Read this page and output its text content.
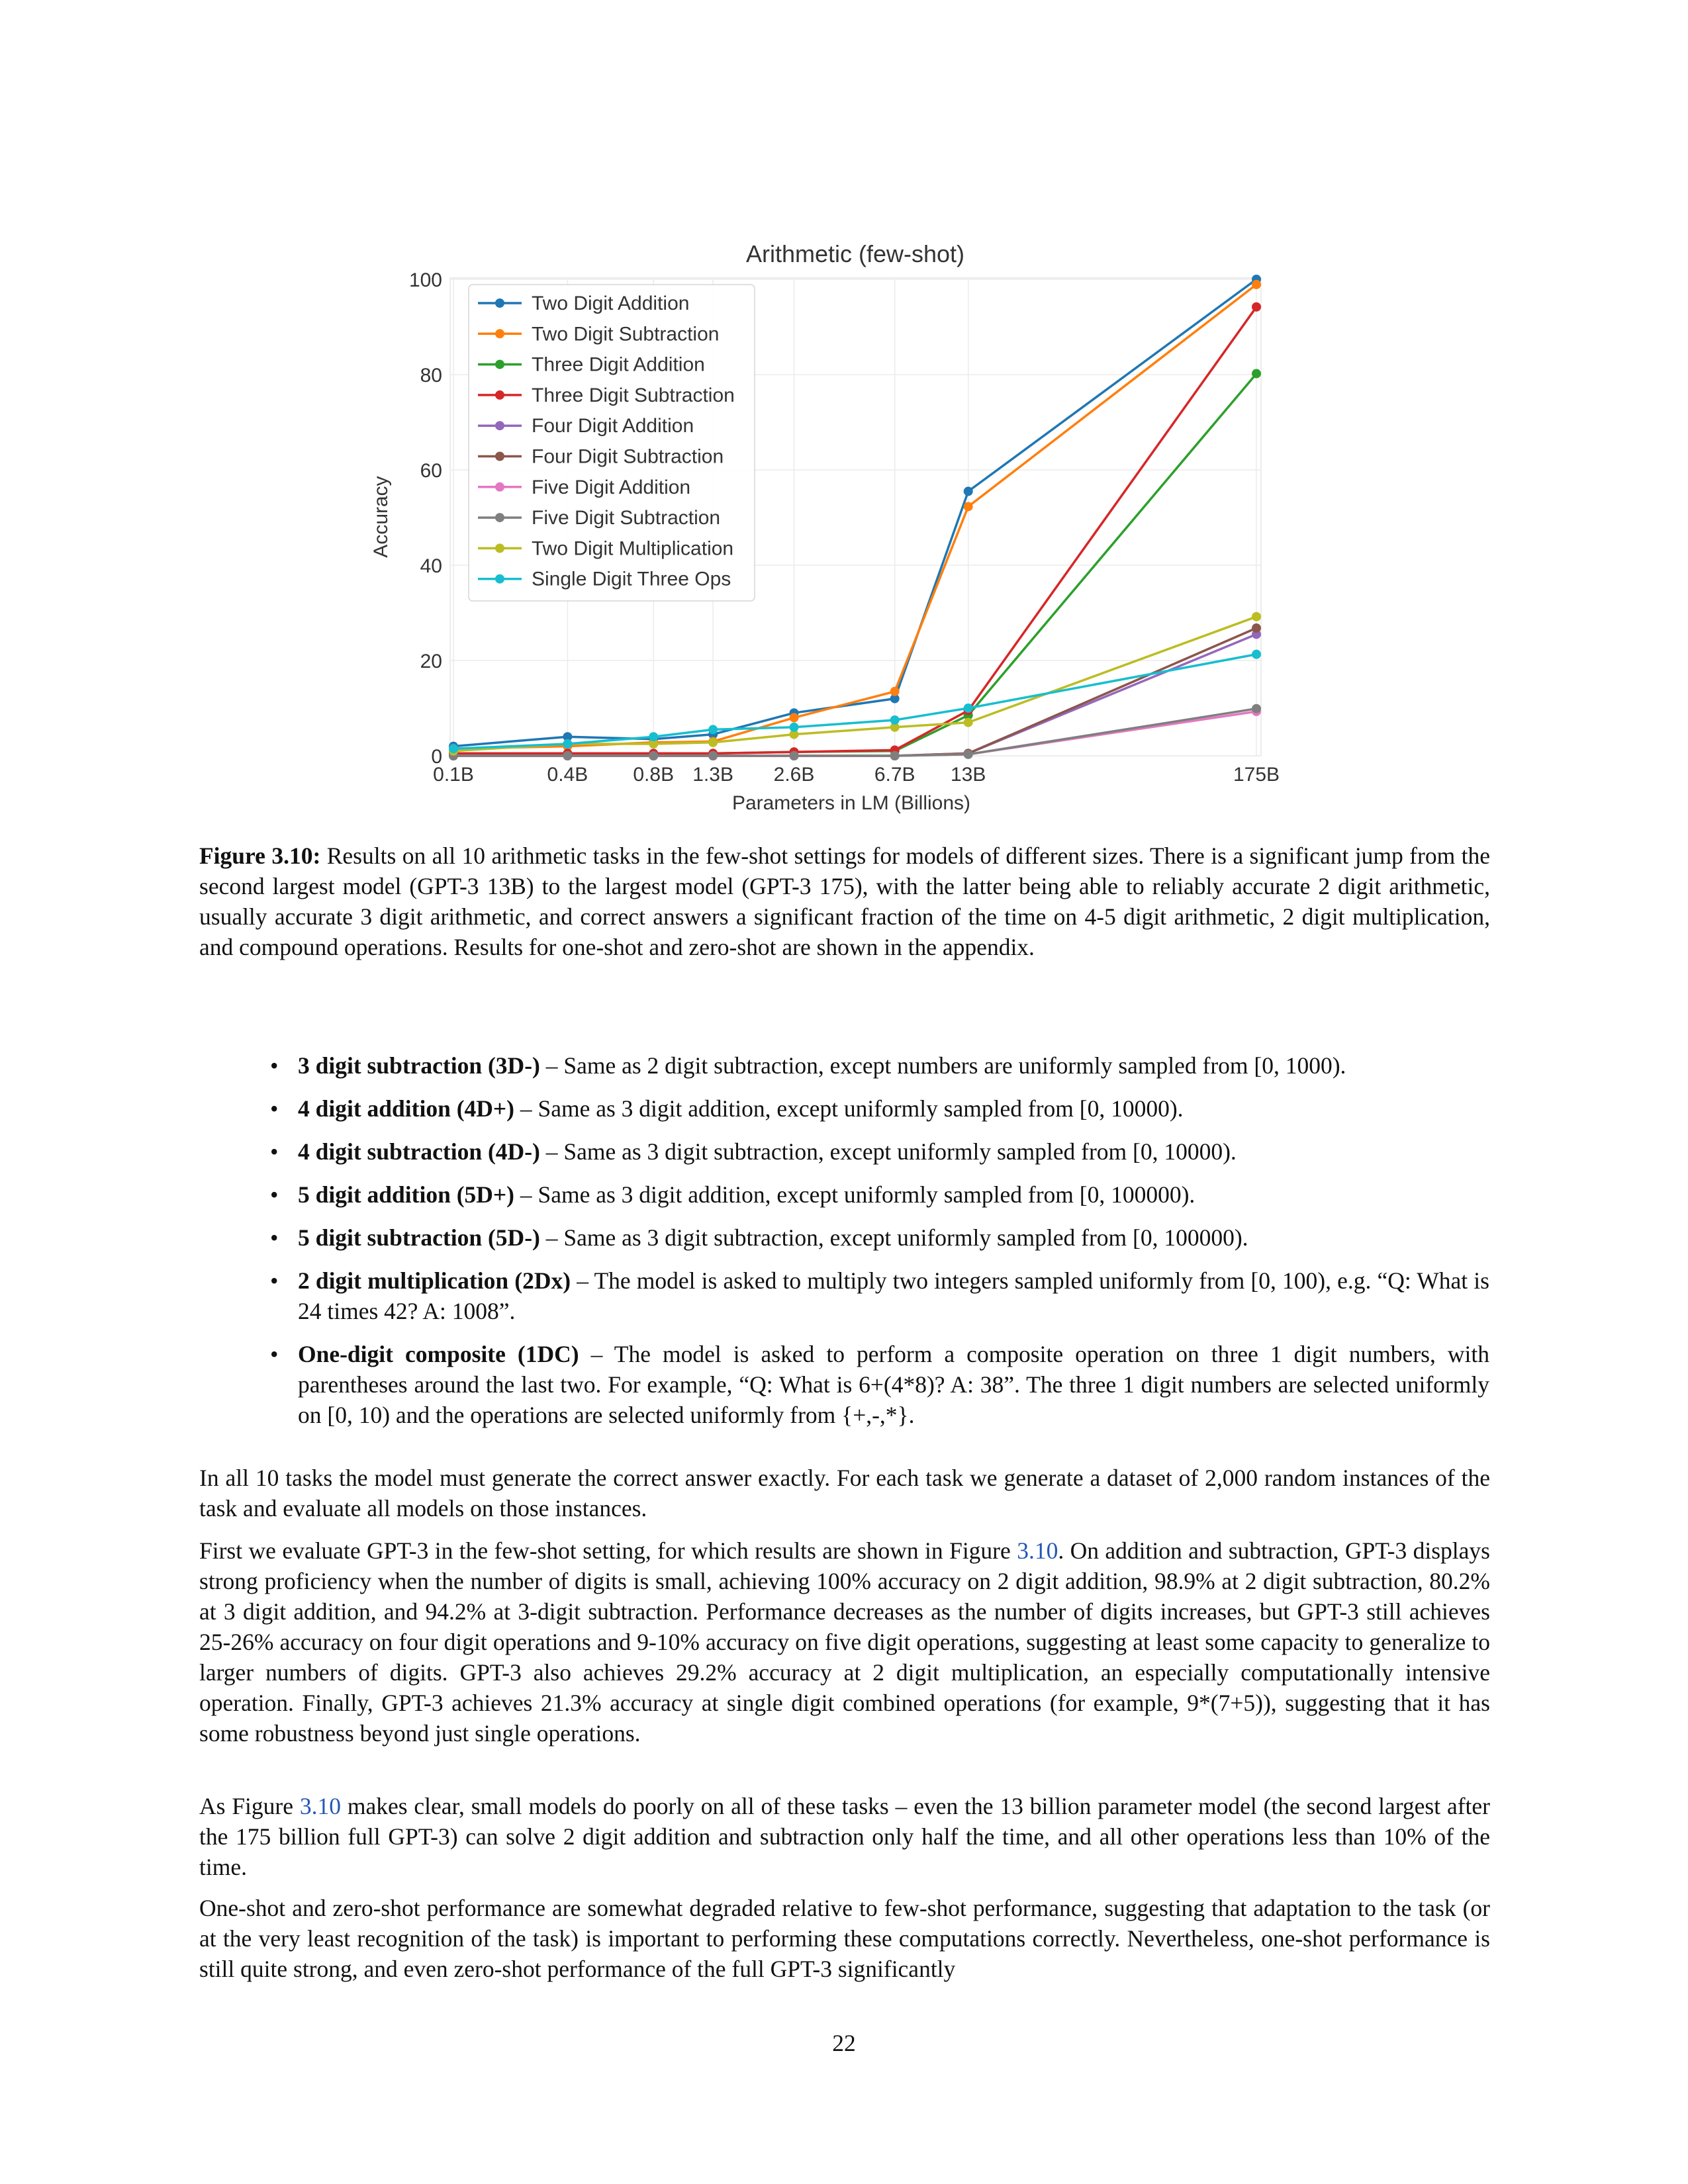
Arithmetic (few-shot)
0
20
40
60
80
100
0.1B	0.4B 0.8B 1.3B 2.6B	6.7B 13B	175B
Two Digit Addition
Two Digit Subtraction
Three Digit Addition
Three Digit Subtraction
Four Digit Addition
Four Digit Subtraction
Five Digit Addition
Five Digit Subtraction
Two Digit Multiplication
Single Digit Three Ops
Parameters in LM (Billions)
Accuracy
Figure 3.10: Results on all 10 arithmetic tasks in the few-shot settings for models of different sizes. There is a significant jump from the second largest model (GPT-3 13B) to the largest model (GPT-3 175), with the latter being able to reliably accurate 2 digit arithmetic, usually accurate 3 digit arithmetic, and correct answers a significant fraction of the time on 4-5 digit arithmetic, 2 digit multiplication, and compound operations. Results for one-shot and zero-shot are shown in the appendix.
• 3 digit subtraction (3D-) – Same as 2 digit subtraction, except numbers are uniformly sampled from [0, 1000).
• 4 digit addition (4D+) – Same as 3 digit addition, except uniformly sampled from [0, 10000).
• 4 digit subtraction (4D-) – Same as 3 digit subtraction, except uniformly sampled from [0, 10000).
• 5 digit addition (5D+) – Same as 3 digit addition, except uniformly sampled from [0, 100000).
• 5 digit subtraction (5D-) – Same as 3 digit subtraction, except uniformly sampled from [0, 100000).
• 2 digit multiplication (2Dx) – The model is asked to multiply two integers sampled uniformly from [0, 100), e.g. “Q: What is 24 times 42? A: 1008”.
• One-digit composite (1DC) – The model is asked to perform a composite operation on three 1 digit numbers, with parentheses around the last two. For example, “Q: What is 6+(4*8)? A: 38”. The three 1 digit numbers are selected uniformly on [0, 10) and the operations are selected uniformly from {+,-,*}.

In all 10 tasks the model must generate the correct answer exactly. For each task we generate a dataset of 2,000 random instances of the task and evaluate all models on those instances.

First we evaluate GPT-3 in the few-shot setting, for which results are shown in Figure 3.10. On addition and subtraction, GPT-3 displays strong proficiency when the number of digits is small, achieving 100% accuracy on 2 digit addition, 98.9% at 2 digit subtraction, 80.2% at 3 digit addition, and 94.2% at 3-digit subtraction. Performance decreases as the number of digits increases, but GPT-3 still achieves 25-26% accuracy on four digit operations and 9-10% accuracy on five digit operations, suggesting at least some capacity to generalize to larger numbers of digits. GPT-3 also achieves 29.2% accuracy at 2 digit multiplication, an especially computationally intensive operation. Finally, GPT-3 achieves 21.3% accuracy at single digit combined operations (for example, 9*(7+5)), suggesting that it has some robustness beyond just single operations.

As Figure 3.10 makes clear, small models do poorly on all of these tasks – even the 13 billion parameter model (the second largest after the 175 billion full GPT-3) can solve 2 digit addition and subtraction only half the time, and all other operations less than 10% of the time.

One-shot and zero-shot performance are somewhat degraded relative to few-shot performance, suggesting that adaptation to the task (or at the very least recognition of the task) is important to performing these computations correctly. Nevertheless, one-shot performance is still quite strong, and even zero-shot performance of the full GPT-3 significantly

22
